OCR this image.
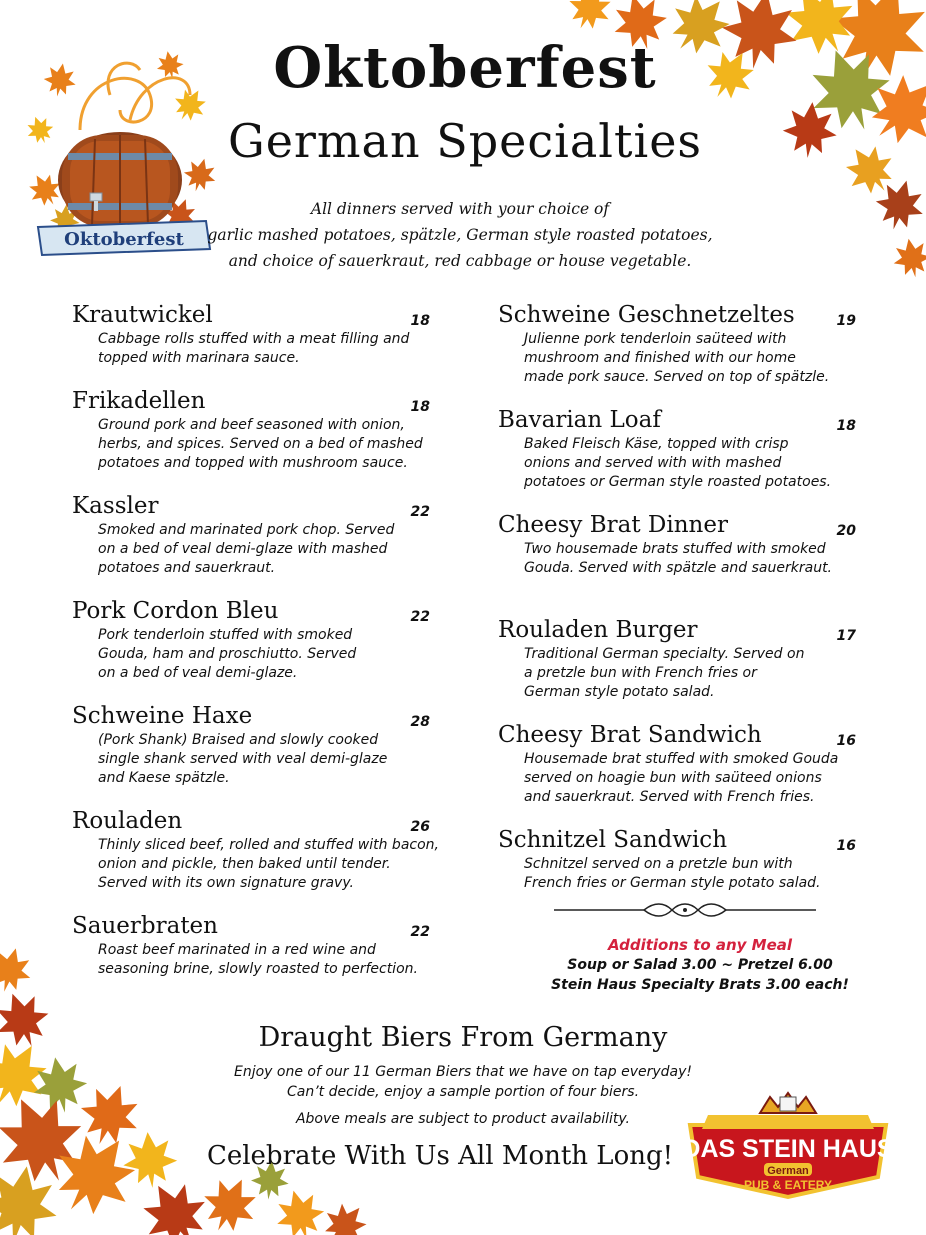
Oktoberfest
Oktoberfest
German Specialties
All dinners served with your choice of
garlic mashed potatoes, spätzle, German style roasted potatoes,
and choice of sauerkraut, red cabbage or house vegetable.
Krautwickel	18
Cabbage rolls stuffed with a meat filling and
topped with marinara sauce.
Frikadellen	18
Ground pork and beef seasoned with onion,
herbs, and spices. Served on a bed of mashed
potatoes and topped with mushroom sauce.
Kassler	22
Smoked and marinated pork chop. Served
on a bed of veal demi-glaze with mashed
potatoes and sauerkraut.
Pork Cordon Bleu	22
Pork tenderloin stuffed with smoked
Gouda, ham and proschiutto. Served
on a bed of veal demi-glaze.
Schweine Haxe	28
(Pork Shank) Braised and slowly cooked
single shank served with veal demi-glaze
and Kaese spätzle.
Rouladen	26
Thinly sliced beef, rolled and stuffed with bacon,
onion and pickle, then baked until tender.
Served with its own signature gravy.
Sauerbraten	22
Roast beef marinated in a red wine and
seasoning brine, slowly roasted to perfection.
Schweine Geschnetzeltes	19
Julienne pork tenderloin saüteed with
mushroom and finished with our home
made pork sauce. Served on top of spätzle.
Bavarian Loaf	18
Baked Fleisch Käse, topped with crisp
onions and served with with mashed
potatoes or German style roasted potatoes.
Cheesy Brat Dinner	20
Two housemade brats stuffed with smoked
Gouda. Served with spätzle and sauerkraut.
Rouladen Burger	17
Traditional German specialty. Served on
a pretzle bun with French fries or
German style potato salad.
Cheesy Brat Sandwich	16
Housemade brat stuffed with smoked Gouda
served on hoagie bun with saüteed onions
and sauerkraut. Served with French fries.
Schnitzel Sandwich	16
Schnitzel served on a pretzle bun with
French fries or German style potato salad.
Additions to any Meal
Soup or Salad 3.00 ~ Pretzel 6.00
Stein Haus Specialty Brats 3.00 each!
Draught Biers From Germany
Enjoy one of our 11 German Biers that we have on tap everyday!
Can’t decide, enjoy a sample portion of four biers.
Above meals are subject to product availability.
Celebrate With Us All Month Long! DAS STEIN HAUS
German
PUB & EATERY
